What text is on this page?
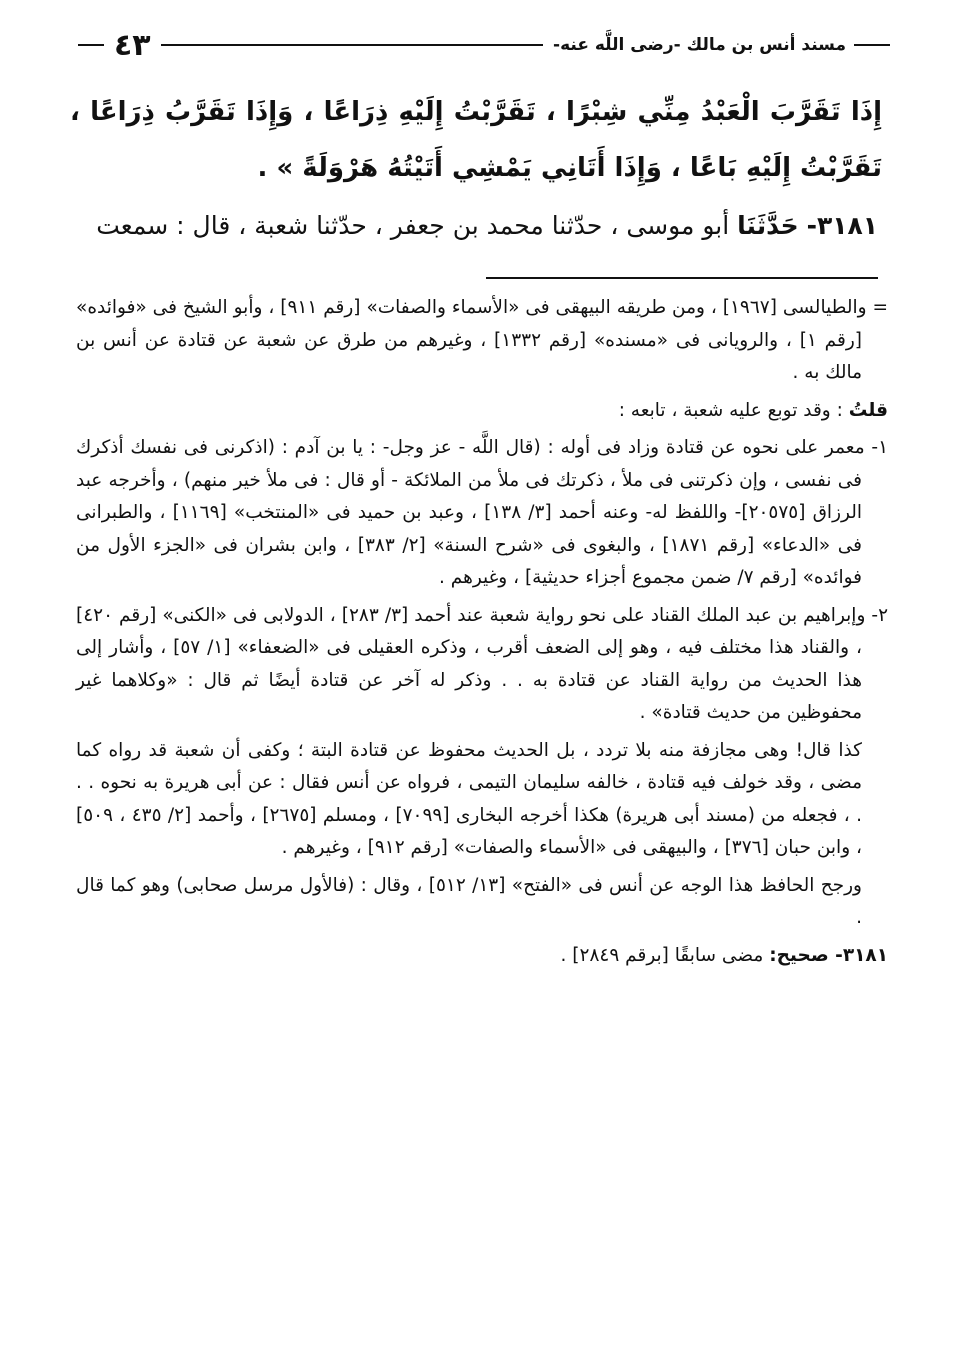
مسند أنس بن مالك -رضى اللَّه عنه-
٤٣
إِذَا تَقَرَّبَ الْعَبْدُ مِنِّي شِبْرًا ، تَقَرَّبْتُ إِلَيْهِ ذِرَاعًا ، وَإِذَا تَقَرَّبُ ذِرَاعًا ، تَقَرَّبْتُ إِلَيْهِ بَاعًا ، وَإِذَا أَتَانِي يَمْشِي أَتَيْتُهُ هَرْوَلَةً » .
٣١٨١- حَدَّثَنَا أبو موسى ، حدّثنا محمد بن جعفر ، حدّثنا شعبة ، قال : سمعت

= والطيالسى [١٩٦٧] ، ومن طريقه البيهقى فى «الأسماء والصفات» [رقم ٩١١] ، وأبو الشيخ فى «فوائده» [رقم ١] ، والرويانى فى «مسنده» [رقم ١٣٣٢] ، وغيرهم من طرق عن شعبة عن قتادة عن أنس بن مالك به .

قلتُ : وقد توبع عليه شعبة ، تابعه :

١- معمر على نحوه عن قتادة وزاد فى أوله : (قال اللَّه - عز وجل- : يا بن آدم : (اذكرنى فى نفسك أذكرك فى نفسى ، وإن ذكرتنى فى ملأ ، ذكرتك فى ملأ من الملائكة - أو قال : فى ملأ خير منهم) ، وأخرجه عبد الرزاق [٢٠٥٧٥]- واللفظ له- وعنه أحمد [٣/ ١٣٨] ، وعبد بن حميد فى «المنتخب» [١١٦٩] ، والطبرانى فى «الدعاء» [رقم ١٨٧١] ، والبغوى فى «شرح السنة» [٢/ ٣٨٣] ، وابن بشران فى «الجزء الأول من فوائده» [رقم ٧/ ضمن مجموع أجزاء حديثية] ، وغيرهم .

٢- وإبراهيم بن عبد الملك القناد على نحو رواية شعبة عند أحمد [٣/ ٢٨٣] ، الدولابى فى «الكنى» [رقم ٤٢٠] ، والقناد هذا مختلف فيه ، وهو إلى الضعف أقرب ، وذكره العقيلى فى «الضعفاء» [١/ ٥٧] ، وأشار إلى هذا الحديث من رواية القناد عن قتادة به . . وذكر له آخر عن قتادة أيضًا ثم قال : «وكلاهما غير محفوظين من حديث قتادة» .

كذا قال! وهى مجازفة منه بلا تردد ، بل الحديث محفوظ عن قتادة البتة ؛ وكفى أن شعبة قد رواه كما مضى ، وقد خولف فيه قتادة ، خالفه سليمان التيمى ، فرواه عن أنس فقال : عن أبى هريرة به نحوه . . . ، فجعله من (مسند أبى هريرة) هكذا أخرجه البخارى [٧٠٩٩] ، ومسلم [٢٦٧٥] ، وأحمد [٢/ ٤٣٥ ، ٥٠٩] ، وابن حبان [٣٧٦] ، والبيهقى فى «الأسماء والصفات» [رقم ٩١٢] ، وغيرهم .

ورجح الحافظ هذا الوجه عن أنس فى «الفتح» [١٣/ ٥١٢] ، وقال : (فالأول مرسل صحابى) وهو كما قال .

٣١٨١- صحيح: مضى سابقًا [برقم ٢٨٤٩] .
